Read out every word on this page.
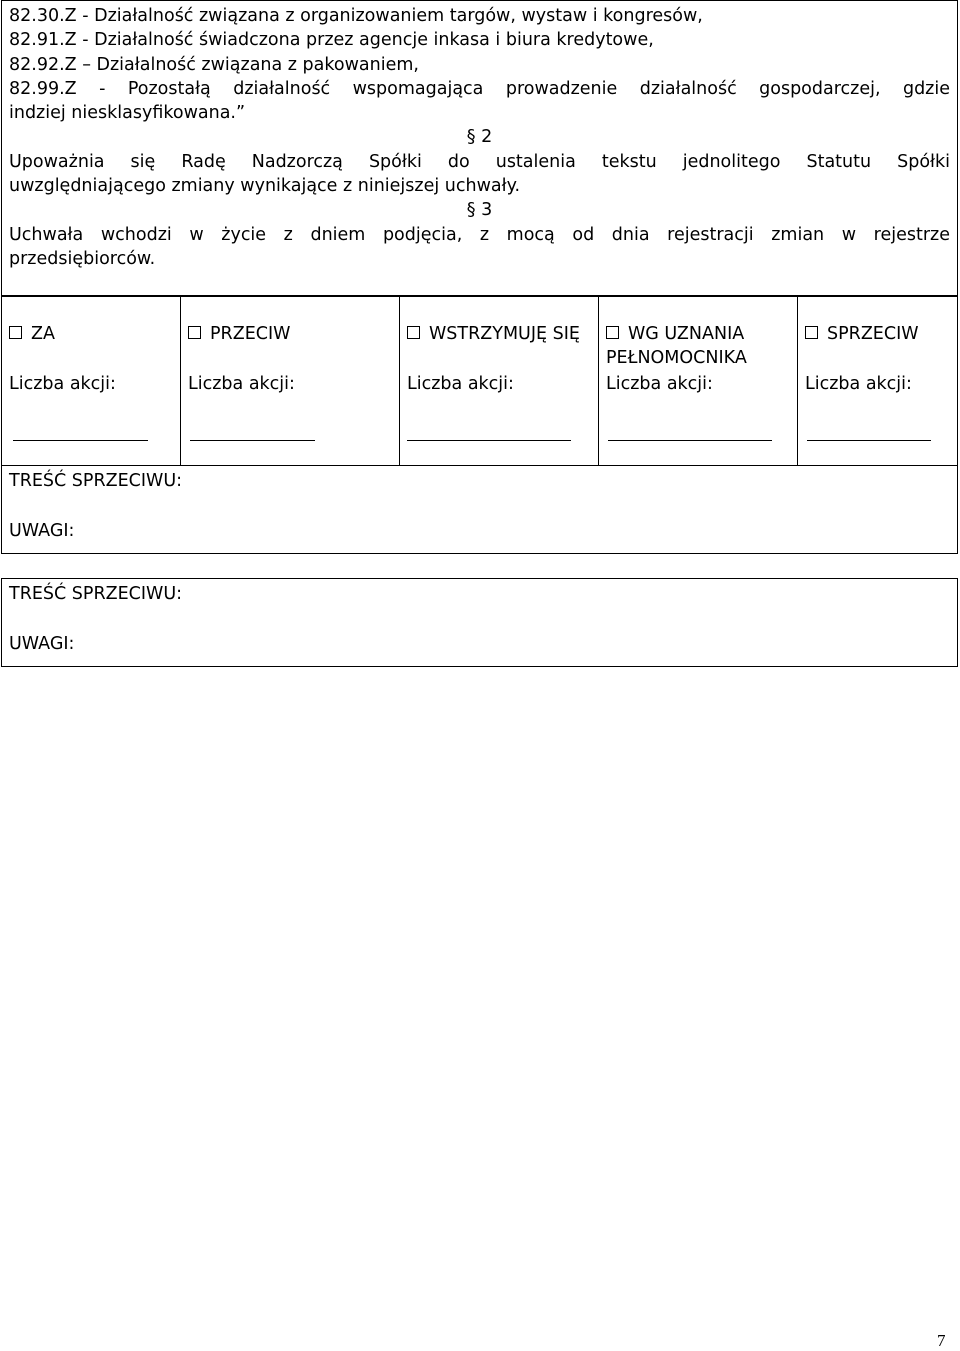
82.30.Z - Działalność związana z organizowaniem targów, wystaw i kongresów,
82.91.Z - Działalność świadczona przez agencje inkasa i biura kredytowe,
82.92.Z – Działalność związana z pakowaniem,
82.99.Z - Pozostałą działalność wspomagająca prowadzenie działalność gospodarczej, gdzie
indziej niesklasyfikowana.”
§ 2
Upoważnia się Radę Nadzorczą Spółki do ustalenia tekstu jednolitego Statutu Spółki
uwzględniającego zmiany wynikające z niniejszej uchwały.
§ 3
Uchwała wchodzi w życie z dniem podjęcia, z mocą od dnia rejestracji zmian w rejestrze
przedsiębiorców.
ZA
Liczba akcji:
PRZECIW
Liczba akcji:
WSTRZYMUJĘ SIĘ
Liczba akcji:
WG UZNANIA PEŁNOMOCNIKA
Liczba akcji:
SPRZECIW
Liczba akcji:
TREŚĆ SPRZECIWU:
UWAGI:
TREŚĆ SPRZECIWU:
UWAGI:
7
